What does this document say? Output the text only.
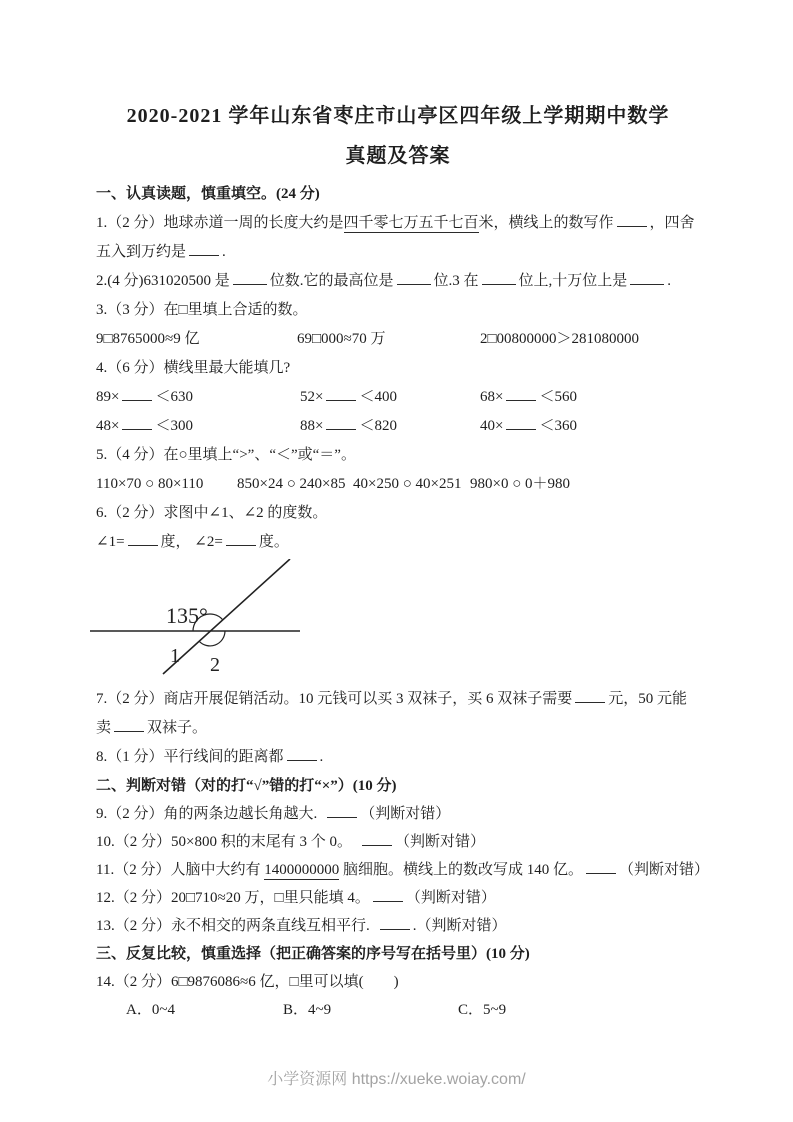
2020-2021 学年山东省枣庄市山亭区四年级上学期期中数学
真题及答案
一、认真读题，慎重填空。(24 分)
1.（2 分）地球赤道一周的长度大约是四千零七万五千七百米，横线上的数写作 ，四舍
五入到万约是 .
2.(4 分)631020500 是	位数.它的最高位是	位.3 在	位上,十万位上是	.
3.（3 分）在□里填上合适的数。
9□8765000≈9 亿	69□000≈70 万	2□00800000＞281080000
4.（6 分）横线里最大能填几?
89× ＜630	52× ＜400	68× ＜560
48× ＜300	88× ＜820	40× ＜360
5.（4 分）在○里填上“>”、“＜”或“＝”。
110×70 ○ 80×110 850×24 ○ 240×85 40×250 ○ 40×251 980×0 ○ 0＋980
6.（2 分）求图中∠1、∠2 的度数。
∠1= 度， ∠2= 度。
135°
1 2
7.（2 分）商店开展促销活动。10 元钱可以买 3 双袜子，买 6 双袜子需要 元，50 元能
卖 双袜子。
8.（1 分）平行线间的距离都 .
二、判断对错（对的打“√”错的打“×”）(10 分)
9.（2 分）角的两条边越长角越大.	（判断对错）
10.（2 分）50×800 积的末尾有 3 个 0。	（判断对错）
11.（2 分）人脑中大约有 1400000000 脑细胞。横线上的数改写成 140 亿。 （判断对错）
12.（2 分）20□710≈20 万，□里只能填 4。 （判断对错）
13.（2 分）永不相交的两条直线互相平行.	.（判断对错）
三、反复比较，慎重选择（把正确答案的序号写在括号里）(10 分)
14.（2 分）6□9876086≈6 亿，□里可以填(　　)
A．0~4	B．4~9	C．5~9
小学资源网 https://xueke.woiay.com/
